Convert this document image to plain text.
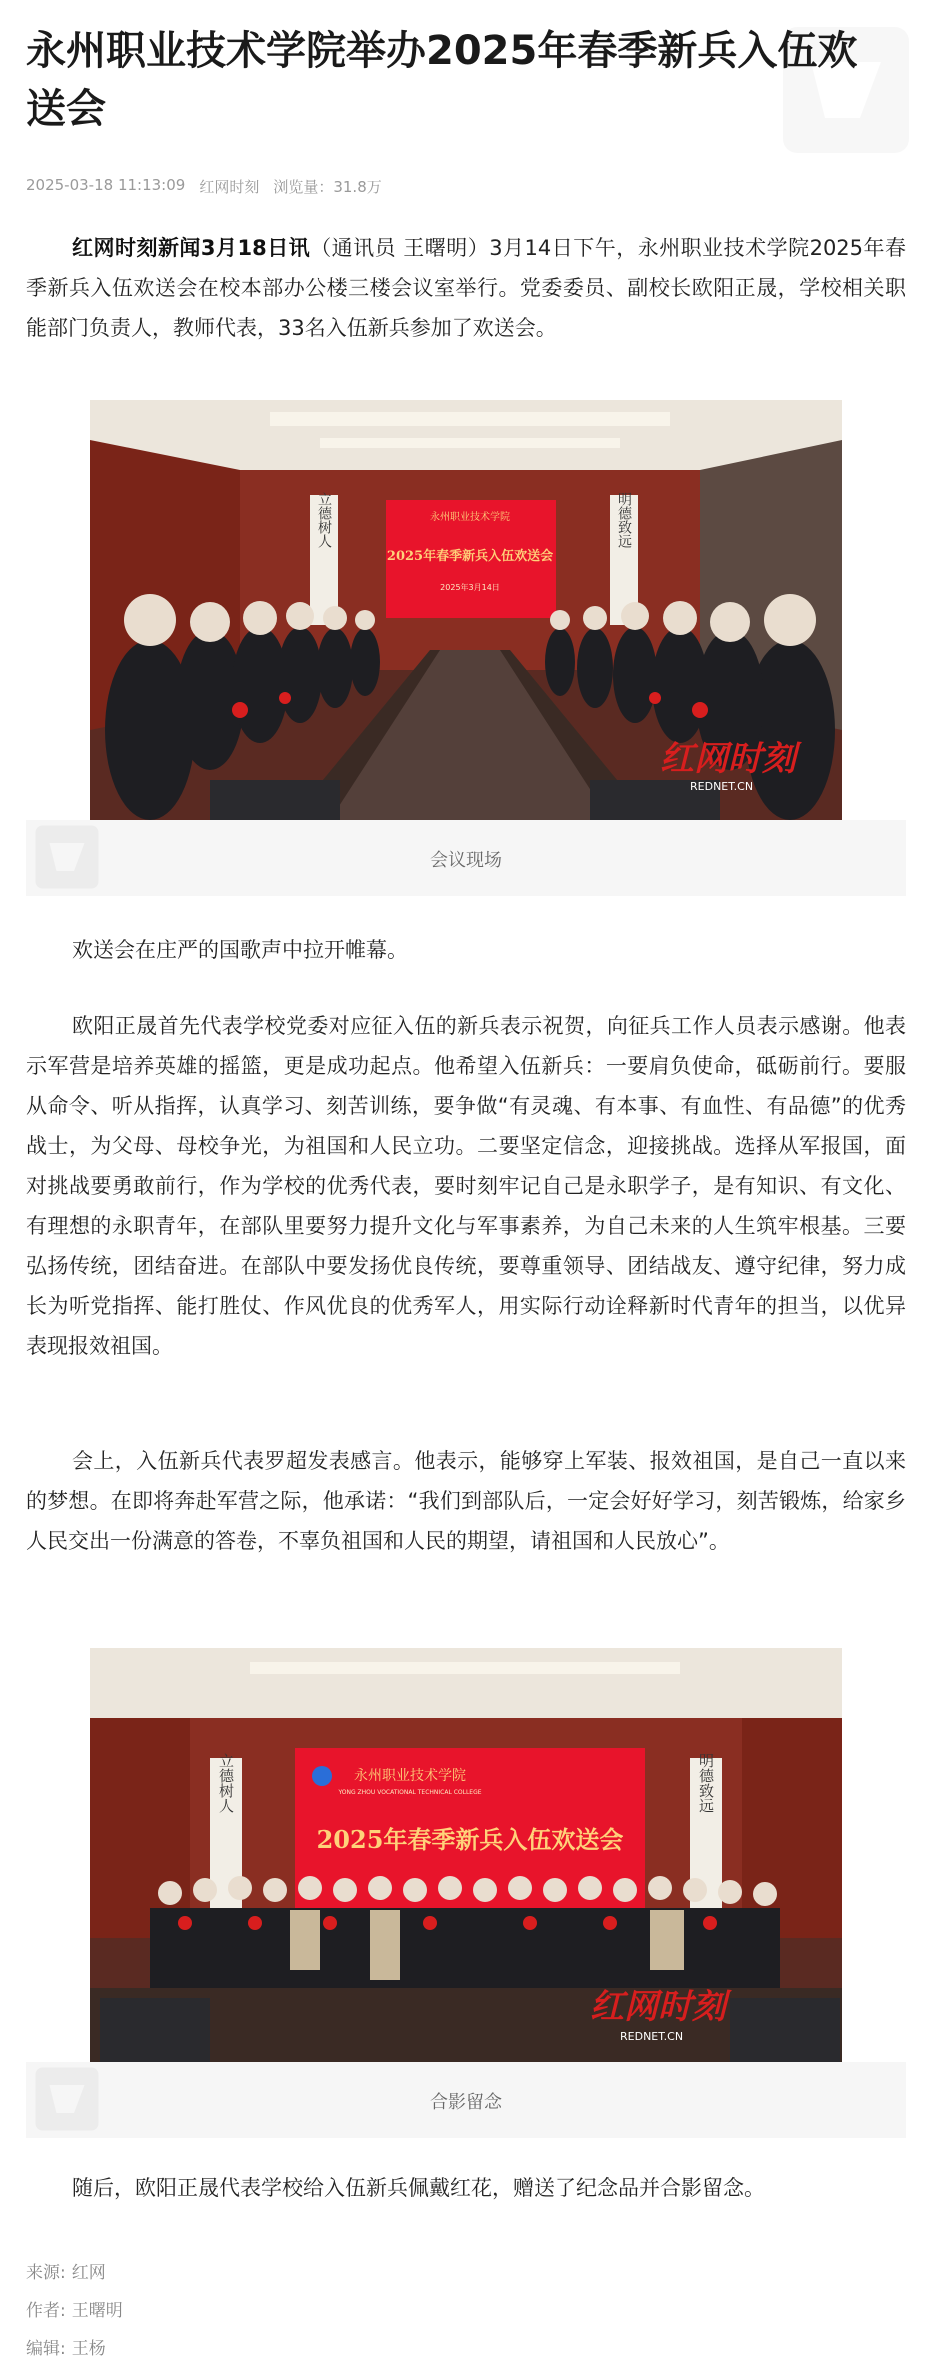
永州职业技术学院举办2025年春季新兵入伍欢送会
2025-03-18 11:13:09 红网时刻 浏览量：31.8万

红网时刻新闻3月18日讯（通讯员 王曙明）3月14日下午，永州职业技术学院2025年春季新兵入伍欢送会在校本部办公楼三楼会议室举行。党委委员、副校长欧阳正晟，学校相关职能部门负责人，教师代表，33名入伍新兵参加了欢送会。

立德树人	明德致远
永州职业技术学院
2025年春季新兵入伍欢送会
2025年3月14日
红网时刻
REDNET.CN
会议现场

欢送会在庄严的国歌声中拉开帷幕。

欧阳正晟首先代表学校党委对应征入伍的新兵表示祝贺，向征兵工作人员表示感谢。他表示军营是培养英雄的摇篮，更是成功起点。他希望入伍新兵：一要肩负使命，砥砺前行。要服从命令、听从指挥，认真学习、刻苦训练，要争做“有灵魂、有本事、有血性、有品德”的优秀战士，为父母、母校争光，为祖国和人民立功。二要坚定信念，迎接挑战。选择从军报国，面对挑战要勇敢前行，作为学校的优秀代表，要时刻牢记自己是永职学子，是有知识、有文化、有理想的永职青年，在部队里要努力提升文化与军事素养，为自己未来的人生筑牢根基。三要弘扬传统，团结奋进。在部队中要发扬优良传统，要尊重领导、团结战友、遵守纪律，努力成长为听党指挥、能打胜仗、作风优良的优秀军人，用实际行动诠释新时代青年的担当，以优异表现报效祖国。

会上，入伍新兵代表罗超发表感言。他表示，能够穿上军装、报效祖国，是自己一直以来的梦想。在即将奔赴军营之际，他承诺：“我们到部队后，一定会好好学习，刻苦锻炼，给家乡人民交出一份满意的答卷，不辜负祖国和人民的期望，请祖国和人民放心”。

立德树人	明德致远
永州职业技术学院
YONG ZHOU VOCATIONAL TECHNICAL COLLEGE
2025年春季新兵入伍欢送会
红网时刻
REDNET.CN
合影留念

随后，欧阳正晟代表学校给入伍新兵佩戴红花，赠送了纪念品并合影留念。

来源: 红网
作者: 王曙明
编辑: 王杨
